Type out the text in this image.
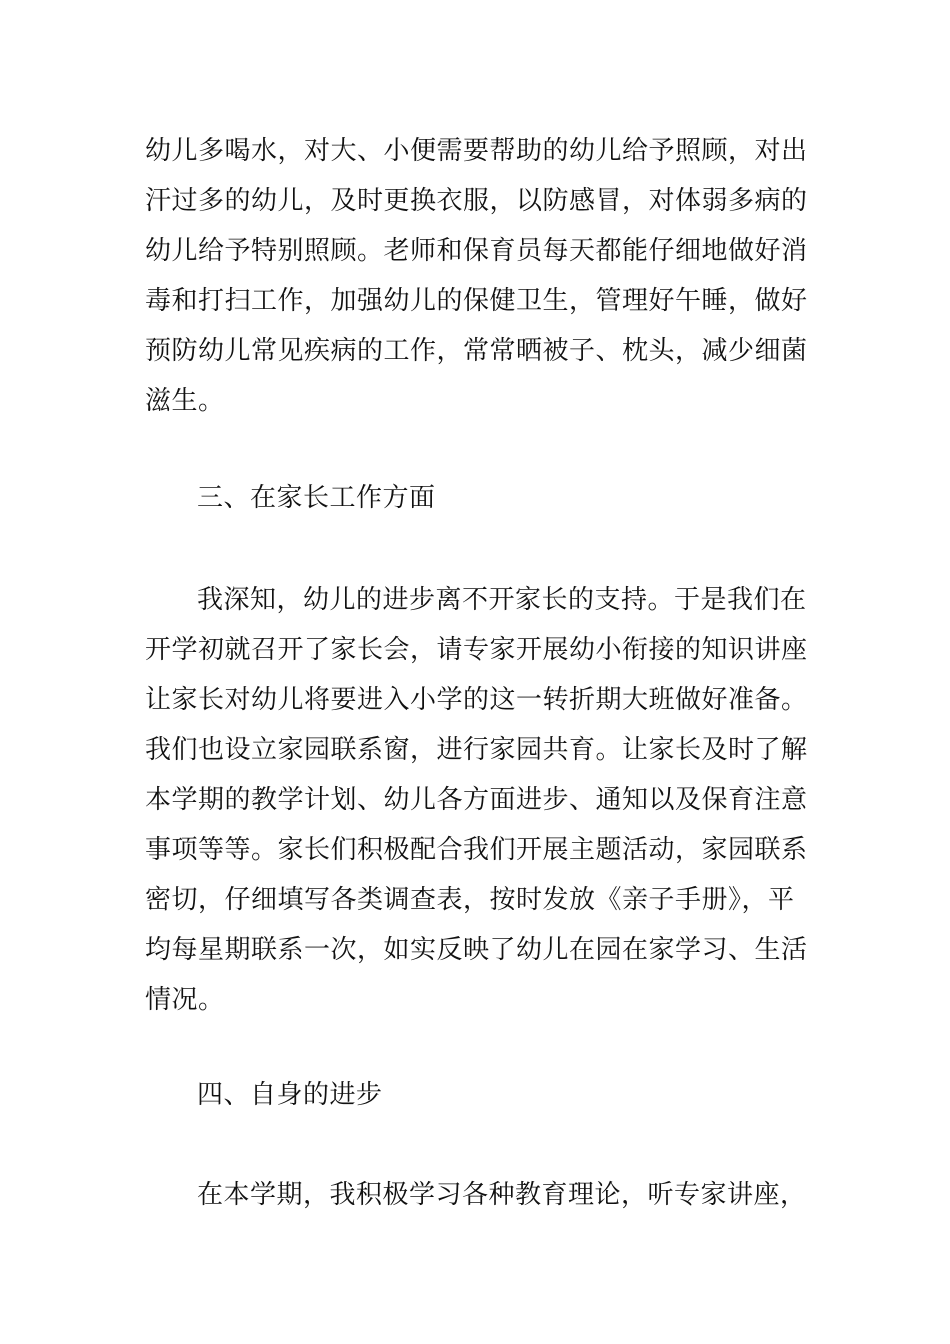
幼儿多喝水，对大、小便需要帮助的幼儿给予照顾，对出
汗过多的幼儿，及时更换衣服，以防感冒，对体弱多病的
幼儿给予特别照顾。老师和保育员每天都能仔细地做好消
毒和打扫工作，加强幼儿的保健卫生，管理好午睡，做好
预防幼儿常见疾病的工作，常常晒被子、枕头，减少细菌
滋生。
三、在家长工作方面
我深知，幼儿的进步离不开家长的支持。于是我们在
开学初就召开了家长会，请专家开展幼小衔接的知识讲座
让家长对幼儿将要进入小学的这一转折期大班做好准备。
我们也设立家园联系窗，进行家园共育。让家长及时了解
本学期的教学计划、幼儿各方面进步、通知以及保育注意
事项等等。家长们积极配合我们开展主题活动，家园联系
密切，仔细填写各类调查表，按时发放《亲子手册》，平
均每星期联系一次，如实反映了幼儿在园在家学习、生活
情况。
四、自身的进步
在本学期，我积极学习各种教育理论，听专家讲座，
